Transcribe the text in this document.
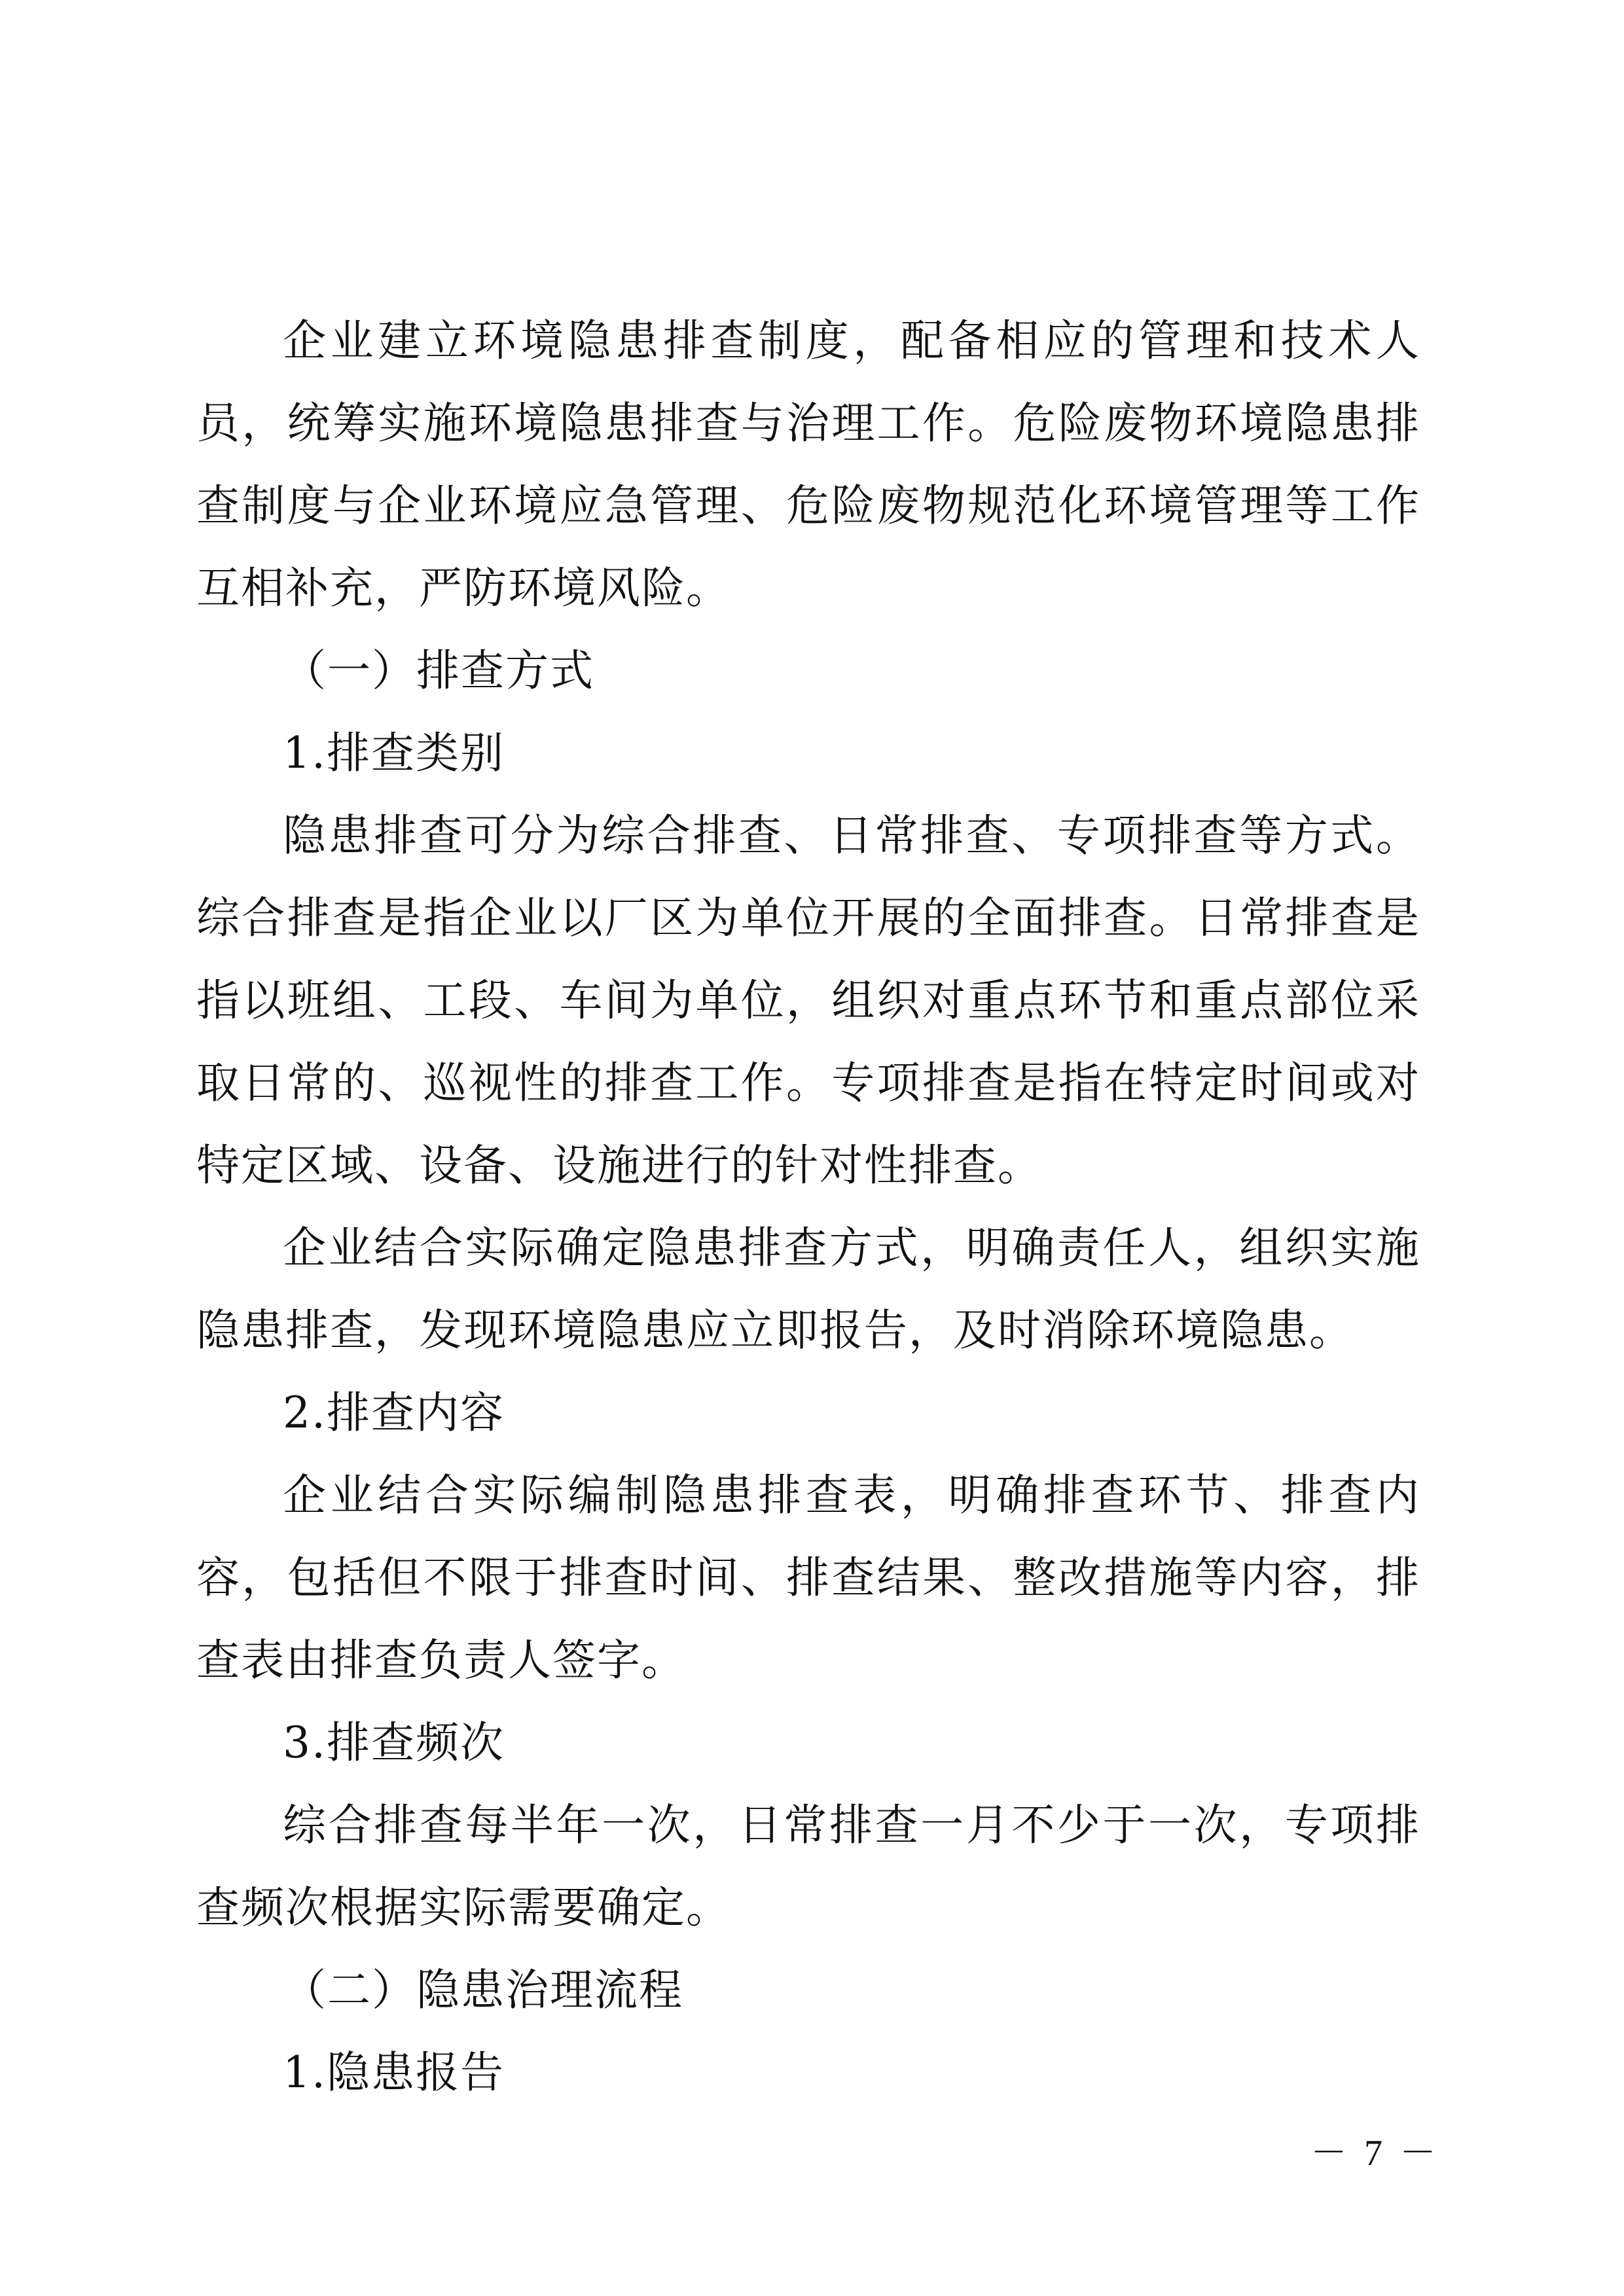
企业建立环境隐患排查制度，配备相应的管理和技术人员，统筹实施环境隐患排查与治理工作。危险废物环境隐患排查制度与企业环境应急管理、危险废物规范化环境管理等工作互相补充，严防环境风险。

（一）排查方式

1.排查类别

隐患排查可分为综合排查、日常排查、专项排查等方式。综合排查是指企业以厂区为单位开展的全面排查。日常排查是指以班组、工段、车间为单位，组织对重点环节和重点部位采取日常的、巡视性的排查工作。专项排查是指在特定时间或对特定区域、设备、设施进行的针对性排查。

企业结合实际确定隐患排查方式，明确责任人，组织实施隐患排查，发现环境隐患应立即报告，及时消除环境隐患。

2.排查内容

企业结合实际编制隐患排查表，明确排查环节、排查内容，包括但不限于排查时间、排查结果、整改措施等内容，排查表由排查负责人签字。

3.排查频次

综合排查每半年一次，日常排查一月不少于一次，专项排查频次根据实际需要确定。

（二）隐患治理流程

1.隐患报告

－ 7 －
